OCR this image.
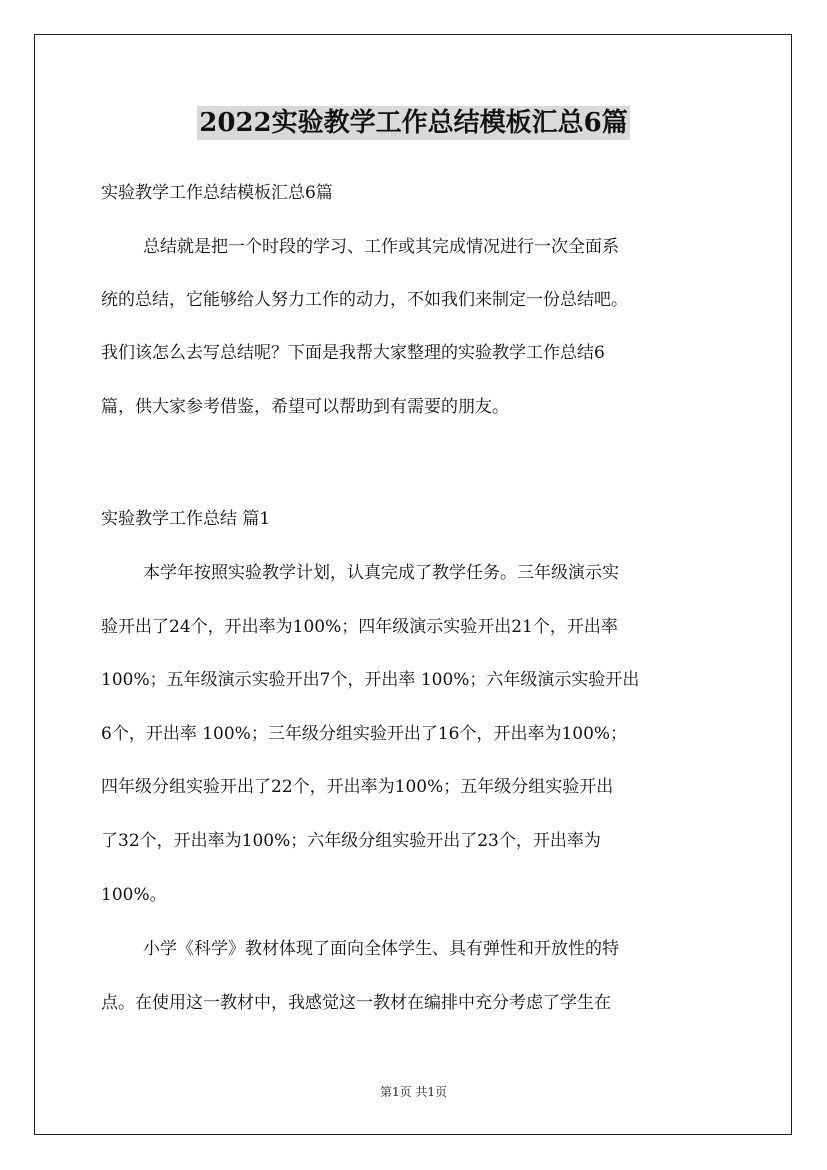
2022实验教学工作总结模板汇总6篇
实验教学工作总结模板汇总6篇
总结就是把一个时段的学习、工作或其完成情况进行一次全面系
统的总结，它能够给人努力工作的动力，不如我们来制定一份总结吧。
我们该怎么去写总结呢？下面是我帮大家整理的实验教学工作总结6
篇，供大家参考借鉴，希望可以帮助到有需要的朋友。
实验教学工作总结 篇1
本学年按照实验教学计划，认真完成了教学任务。三年级演示实
验开出了24个，开出率为100%；四年级演示实验开出21个，开出率
100%；五年级演示实验开出7个，开出率 100%；六年级演示实验开出
6个，开出率 100%；三年级分组实验开出了16个，开出率为100%；
四年级分组实验开出了22个，开出率为100%；五年级分组实验开出
了32个，开出率为100%；六年级分组实验开出了23个，开出率为
100%。
小学《科学》教材体现了面向全体学生、具有弹性和开放性的特
点。在使用这一教材中，我感觉这一教材在编排中充分考虑了学生在
第1页 共1页
